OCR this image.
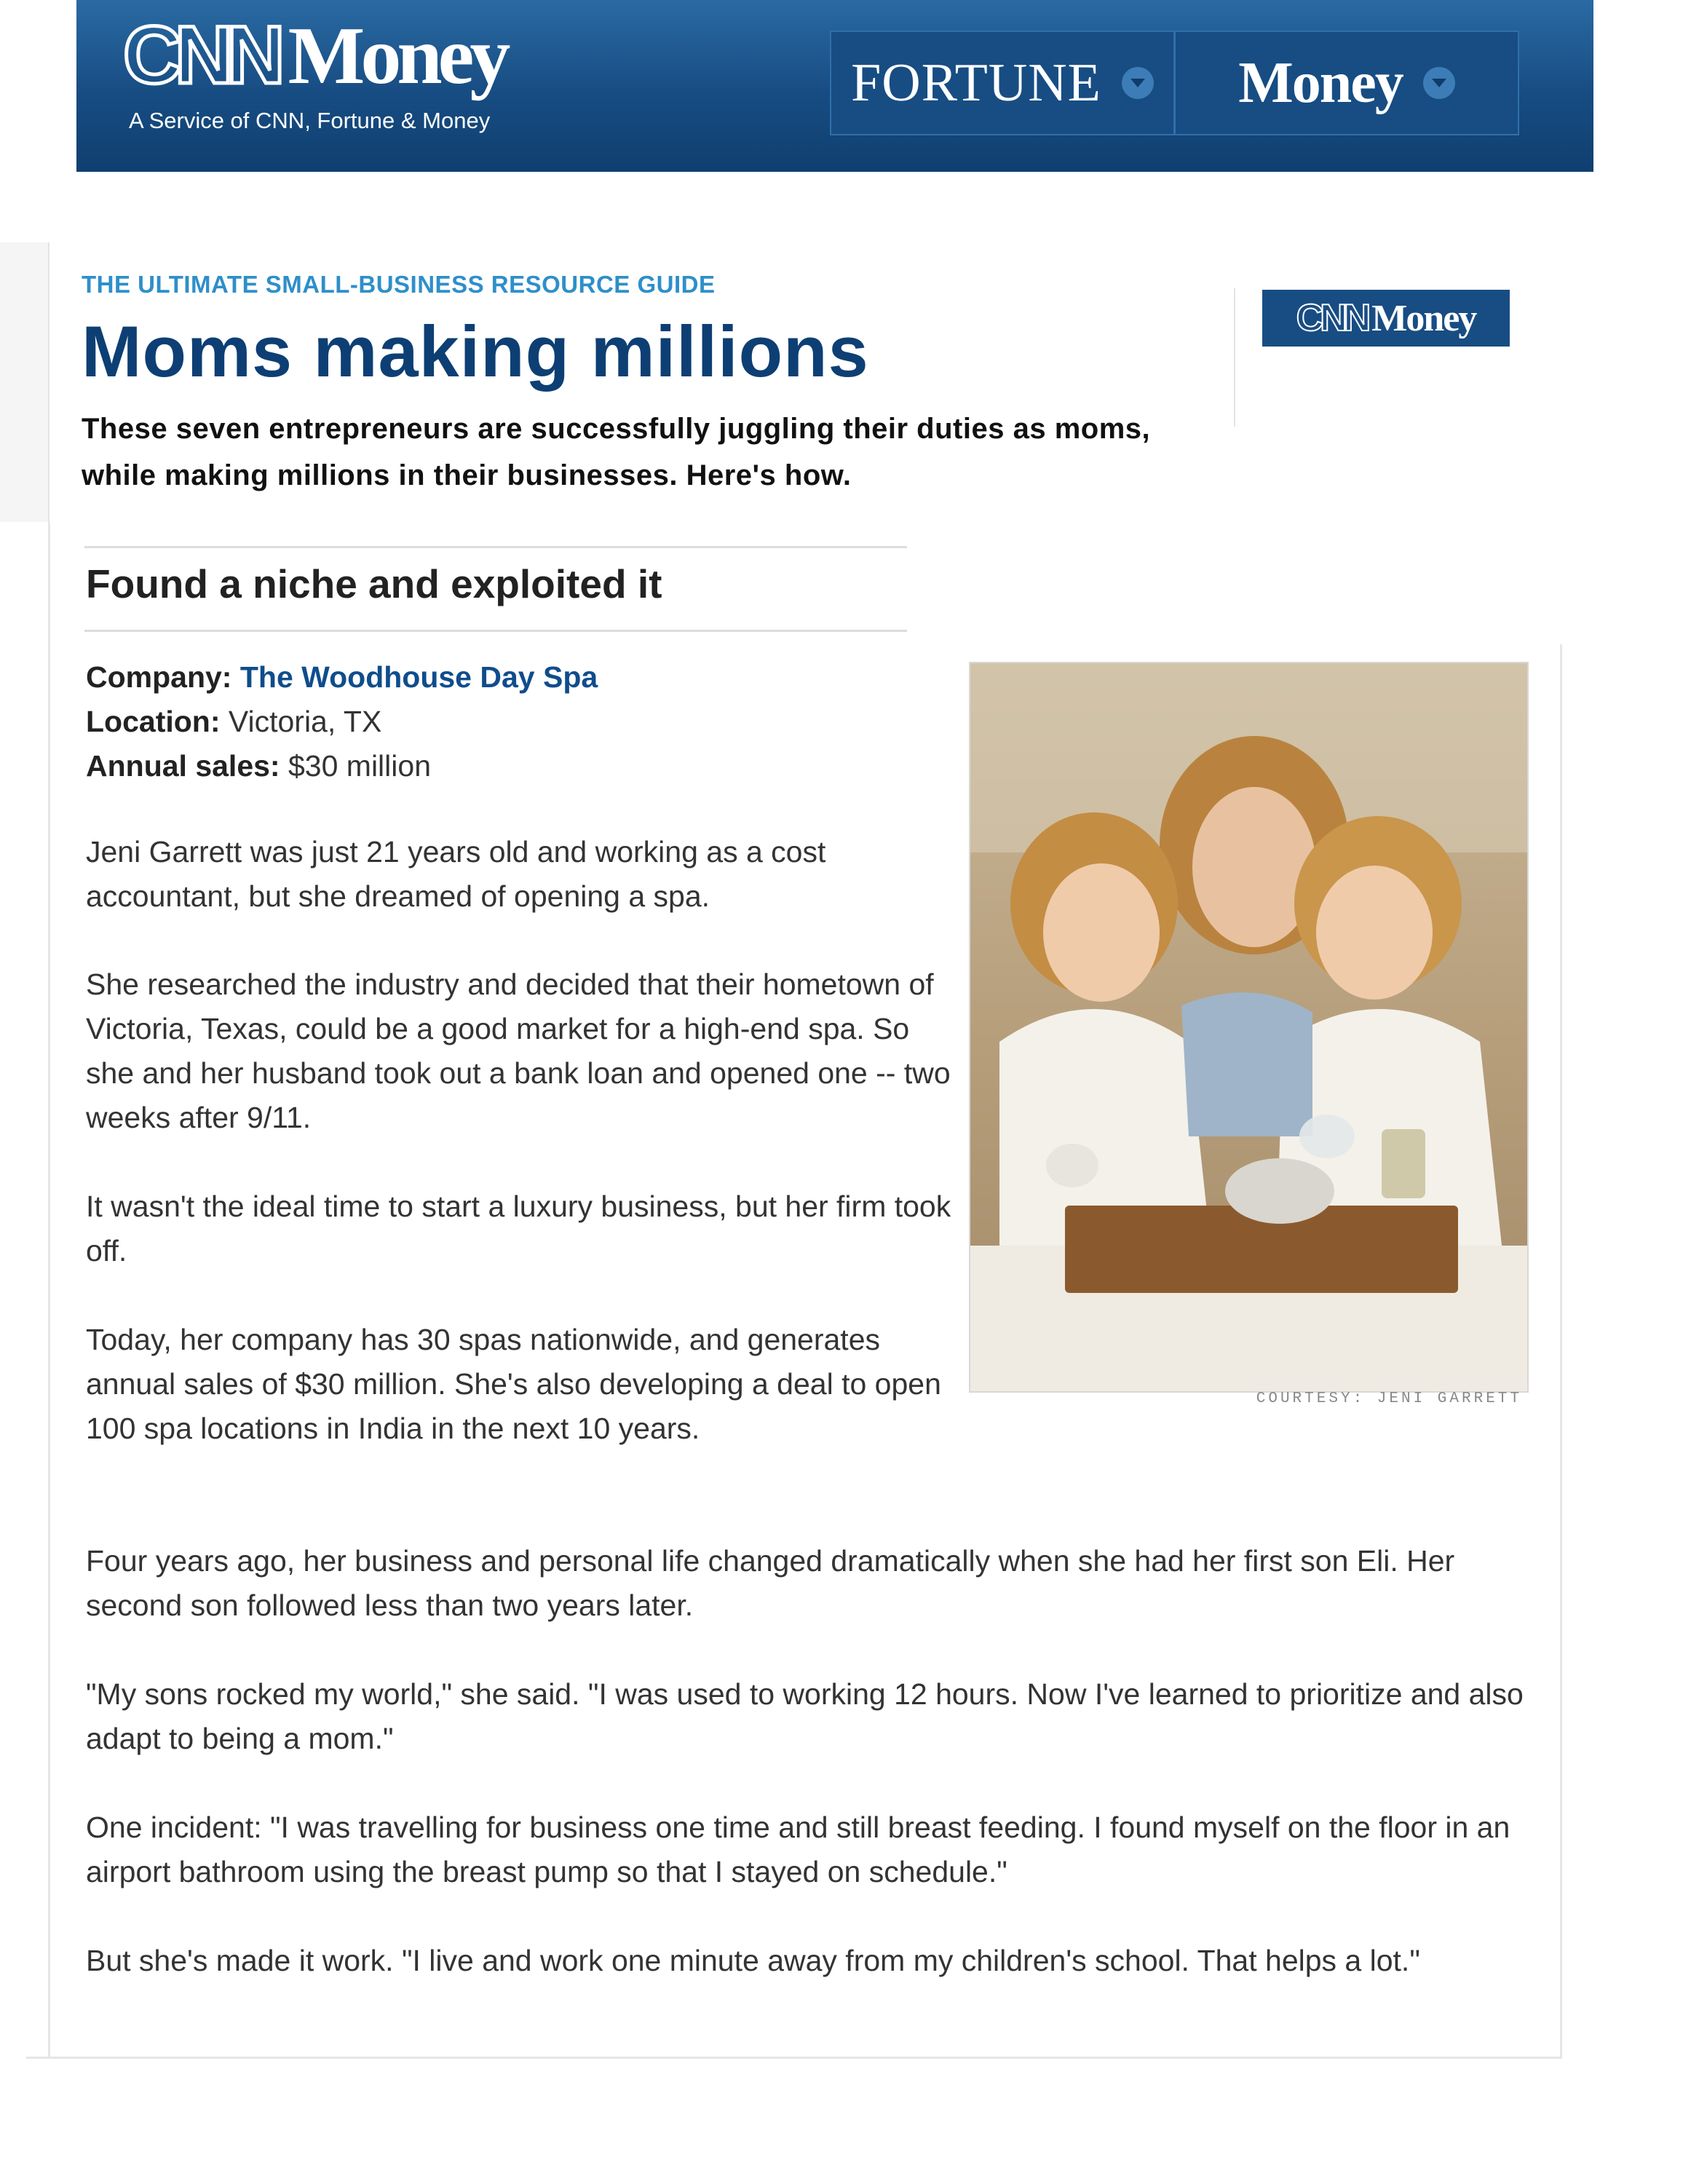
CNN Money
A Service of CNN, Fortune & Money
FORTUNE Money
THE ULTIMATE SMALL-BUSINESS RESOURCE GUIDE
Moms making millions

These seven entrepreneurs are successfully juggling their duties as moms, while making millions in their businesses. Here's how.

CNN Money
Found a niche and exploited it
Company: The Woodhouse Day Spa
Location: Victoria, TX
Annual sales: $30 million
COURTESY: JENI GARRETT

Jeni Garrett was just 21 years old and working as a cost accountant, but she dreamed of opening a spa.

She researched the industry and decided that their hometown of Victoria, Texas, could be a good market for a high-end spa. So she and her husband took out a bank loan and opened one -- two weeks after 9/11.

It wasn't the ideal time to start a luxury business, but her firm took off.

Today, her company has 30 spas nationwide, and generates annual sales of $30 million. She's also developing a deal to open 100 spa locations in India in the next 10 years.

Four years ago, her business and personal life changed dramatically when she had her first son Eli. Her second son followed less than two years later.

"My sons rocked my world," she said. "I was used to working 12 hours. Now I've learned to prioritize and also adapt to being a mom."

One incident: "I was travelling for business one time and still breast feeding. I found myself on the floor in an airport bathroom using the breast pump so that I stayed on schedule."

But she's made it work. "I live and work one minute away from my children's school. That helps a lot."
